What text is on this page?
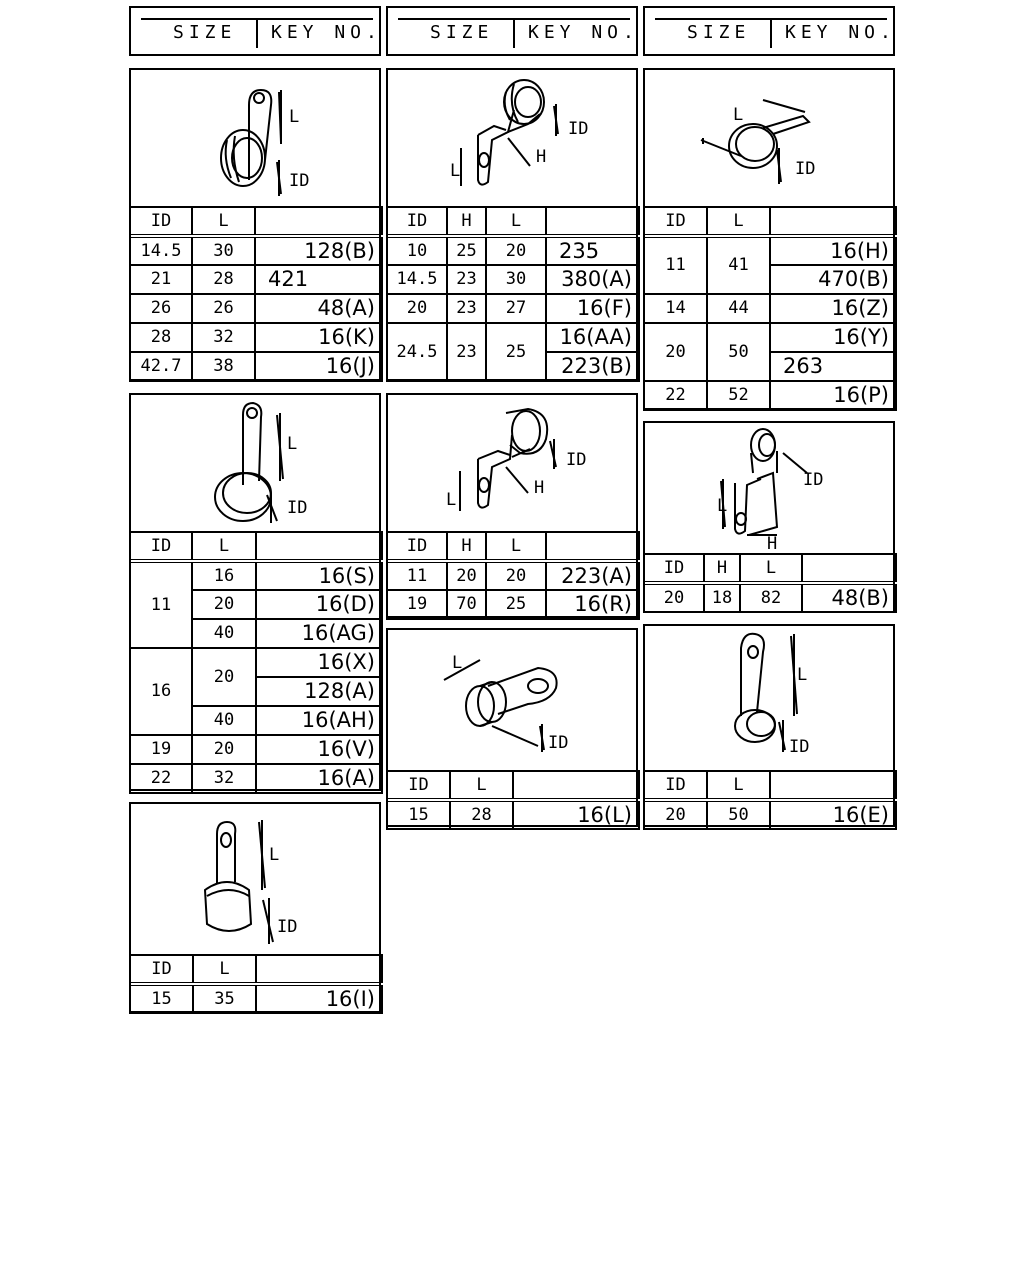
SIZE KEY NO.	SIZE KEY NO.	SIZE KEY NO.
L
ID
ID	L	
14.5	30	128(B)
21	28	421
26	26	48(A)
28	32	16(K)
42.7	38	16(J)
ID
H
L
ID	H	L	
10	25	20	235
14.5	23	30	380(A)
20	23	27	16(F)
24.5	23	25	16(AA)
			223(B)
L
ID
ID	L	
11	41	16(H)
		470(B)
14	44	16(Z)
20	50	16(Y)
		263
22	52	16(P)
L
ID
ID	L	
11	16	16(S)
	20	16(D)
	40	16(AG)
16	20	16(X)
		128(A)
	40	16(AH)
19	20	16(V)
22	32	16(A)
ID
H
L
ID	H	L	
11	20	20	223(A)
19	70	25	16(R)
ID
L
H
ID	H	L	
20	18	82	48(B)
L
ID
ID	L	
15	28	16(L)
L
ID
ID	L	
20	50	16(E)
L
ID
ID	L	
15	35	16(I)
